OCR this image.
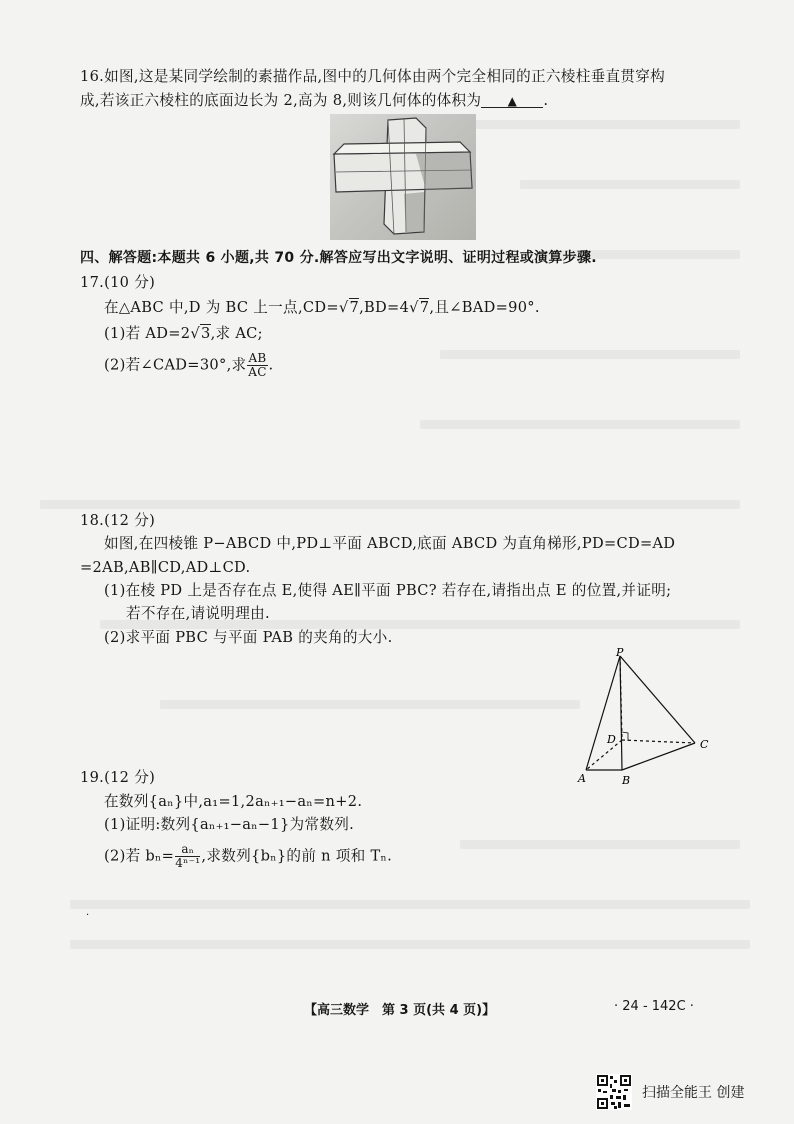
16.如图,这是某同学绘制的素描作品,图中的几何体由两个完全相同的正六棱柱垂直贯穿构
成,若该正六棱柱的底面边长为 2,高为 8,则该几何体的体积为 ▲ .
四、解答题:本题共 6 小题,共 70 分.解答应写出文字说明、证明过程或演算步骤.
17.(10 分)
在△ABC 中,D 为 BC 上一点,CD=√7,BD=4√7,且∠BAD=90°.
(1)若 AD=2√3,求 AC;
(2)若∠CAD=30°,求 $\frac{AB}{AC}$ .
18.(12 分)
如图,在四棱锥 P−ABCD 中,PD⊥平面 ABCD,底面 ABCD 为直角梯形,PD=CD=AD
=2AB,AB∥CD,AD⊥CD.
(1)在棱 PD 上是否存在点 E,使得 AE∥平面 PBC? 若存在,请指出点 E 的位置,并证明;
若不存在,请说明理由.
(2)求平面 PBC 与平面 PAB 的夹角的大小.
P
D
A	B
C
19.(12 分)
在数列{aₙ}中,a₁=1,2aₙ₊₁−aₙ=n+2.
(1)证明:数列{aₙ₊₁−aₙ−1}为常数列.
(2)若 $b_n= \frac{\text{aₙ}}{\text{4ⁿ⁻¹}}$ ,求数列{bₙ}的前 n 项和 Tₙ.
·
【高三数学　第 3 页(共 4 页)】	· 24 - 142C ·
扫描全能王 创建
